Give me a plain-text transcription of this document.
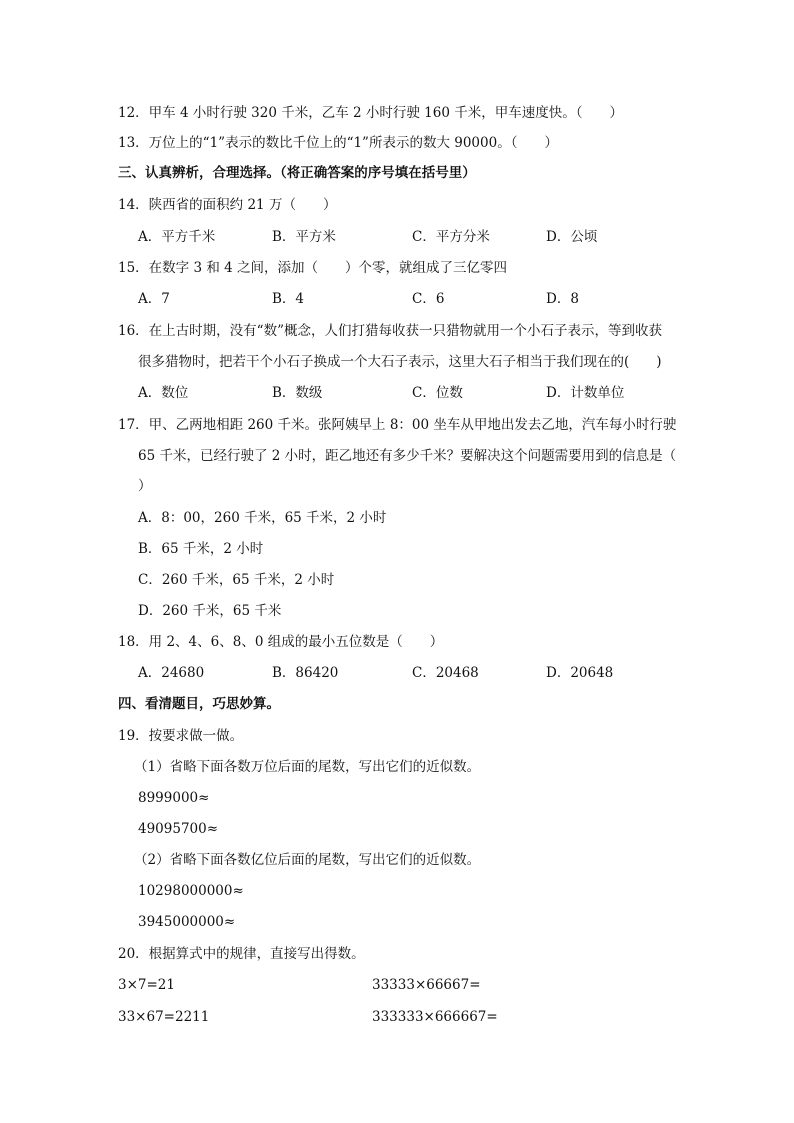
12．甲车 4 小时行驶 320 千米，乙车 2 小时行驶 160 千米，甲车速度快。（　　）
13．万位上的“1”表示的数比千位上的“1”所表示的数大 90000。（　　）
三、认真辨析，合理选择。（将正确答案的序号填在括号里）
14．陕西省的面积约 21 万（　　）
A．平方千米	B．平方米	C．平方分米	D．公顷
15．在数字 3 和 4 之间，添加（　　）个零，就组成了三亿零四
A．7	B．4	C．6	D．8
16．在上古时期，没有“数”概念，人们打猎每收获一只猎物就用一个小石子表示，等到收获
很多猎物时，把若干个小石子换成一个大石子表示，这里大石子相当于我们现在的(　　)
A．数位	B．数级	C．位数	D．计数单位
17．甲、乙两地相距 260 千米。张阿姨早上 8：00 坐车从甲地出发去乙地，汽车每小时行驶
65 千米，已经行驶了 2 小时，距乙地还有多少千米？要解决这个问题需要用到的信息是（
）
A．8：00，260 千米，65 千米，2 小时
B．65 千米，2 小时
C．260 千米，65 千米，2 小时
D．260 千米，65 千米
18．用 2、4、6、8、0 组成的最小五位数是（　　）
A．24680	B．86420	C．20468	D．20648
四、看清题目，巧思妙算。
19．按要求做一做。
（1）省略下面各数万位后面的尾数，写出它们的近似数。
8999000≈
49095700≈
（2）省略下面各数亿位后面的尾数，写出它们的近似数。
10298000000≈
3945000000≈
20．根据算式中的规律，直接写出得数。
3×7=21	33333×66667=
33×67=2211	333333×666667=
